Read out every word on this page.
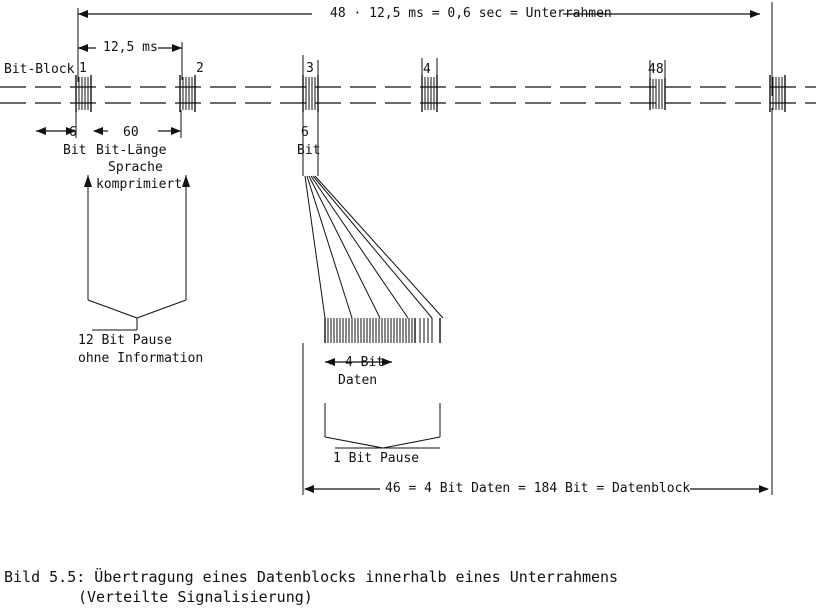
48 · 12,5 ms = 0,6 sec = Unterrahmen
12,5 ms
Bit-Block 1	2	3	4	48
6
Bit
60
Bit-Länge
Sprache
komprimiert
6
Bit
12 Bit Pause
ohne Information	4 Bit
Daten
1 Bit Pause
46 = 4 Bit Daten = 184 Bit = Datenblock
Bild 5.5: Übertragung eines Datenblocks innerhalb eines Unterrahmens
(Verteilte Signalisierung)
